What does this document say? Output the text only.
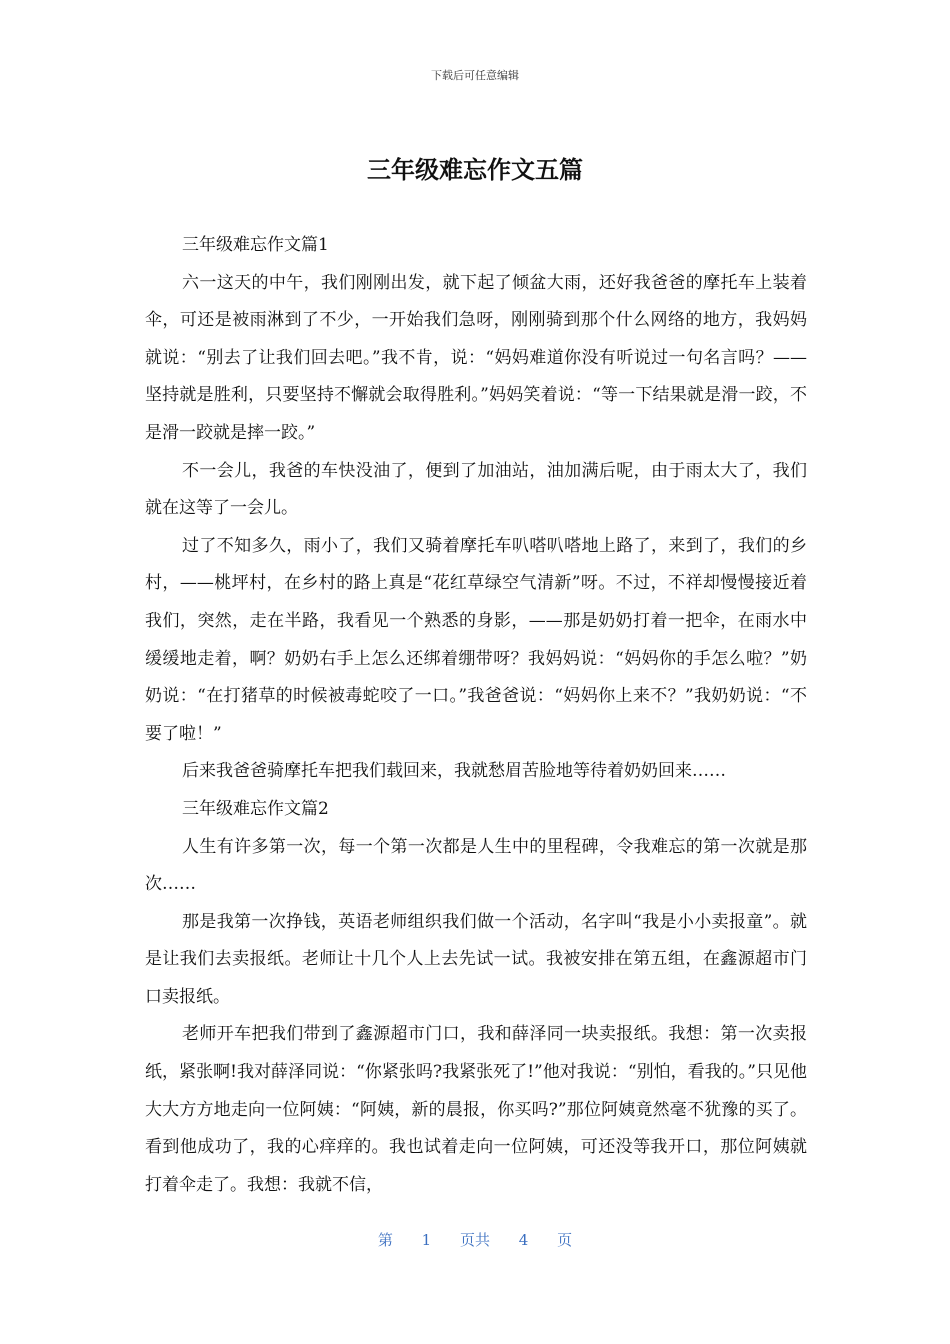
下载后可任意编辑
三年级难忘作文五篇

三年级难忘作文篇1

六一这天的中午，我们刚刚出发，就下起了倾盆大雨，还好我爸爸的摩托车上装着伞，可还是被雨淋到了不少，一开始我们急呀，刚刚骑到那个什么网络的地方，我妈妈就说：“别去了让我们回去吧。”我不肯，说：“妈妈难道你没有听说过一句名言吗？——坚持就是胜利，只要坚持不懈就会取得胜利。”妈妈笑着说：“等一下结果就是滑一跤，不是滑一跤就是摔一跤。”

不一会儿，我爸的车快没油了，便到了加油站，油加满后呢，由于雨太大了，我们就在这等了一会儿。

过了不知多久，雨小了，我们又骑着摩托车叭嗒叭嗒地上路了，来到了，我们的乡村，——桃坪村，在乡村的路上真是“花红草绿空气清新”呀。不过，不祥却慢慢接近着我们，突然，走在半路，我看见一个熟悉的身影，——那是奶奶打着一把伞，在雨水中缓缓地走着，啊？奶奶右手上怎么还绑着绷带呀？我妈妈说：“妈妈你的手怎么啦？”奶奶说：“在打猪草的时候被毒蛇咬了一口。”我爸爸说：“妈妈你上来不？”我奶奶说：“不要了啦！”

后来我爸爸骑摩托车把我们载回来，我就愁眉苦脸地等待着奶奶回来……

三年级难忘作文篇2

人生有许多第一次，每一个第一次都是人生中的里程碑，令我难忘的第一次就是那次……

那是我第一次挣钱，英语老师组织我们做一个活动，名字叫“我是小小卖报童”。就是让我们去卖报纸。老师让十几个人上去先试一试。我被安排在第五组，在鑫源超市门口卖报纸。

老师开车把我们带到了鑫源超市门口，我和薛泽同一块卖报纸。我想：第一次卖报纸，紧张啊!我对薛泽同说：“你紧张吗?我紧张死了!”他对我说：“别怕，看我的。”只见他大大方方地走向一位阿姨：“阿姨，新的晨报，你买吗?”那位阿姨竟然毫不犹豫的买了。看到他成功了，我的心痒痒的。我也试着走向一位阿姨，可还没等我开口，那位阿姨就打着伞走了。我想：我就不信，

第 1 页共 4 页
